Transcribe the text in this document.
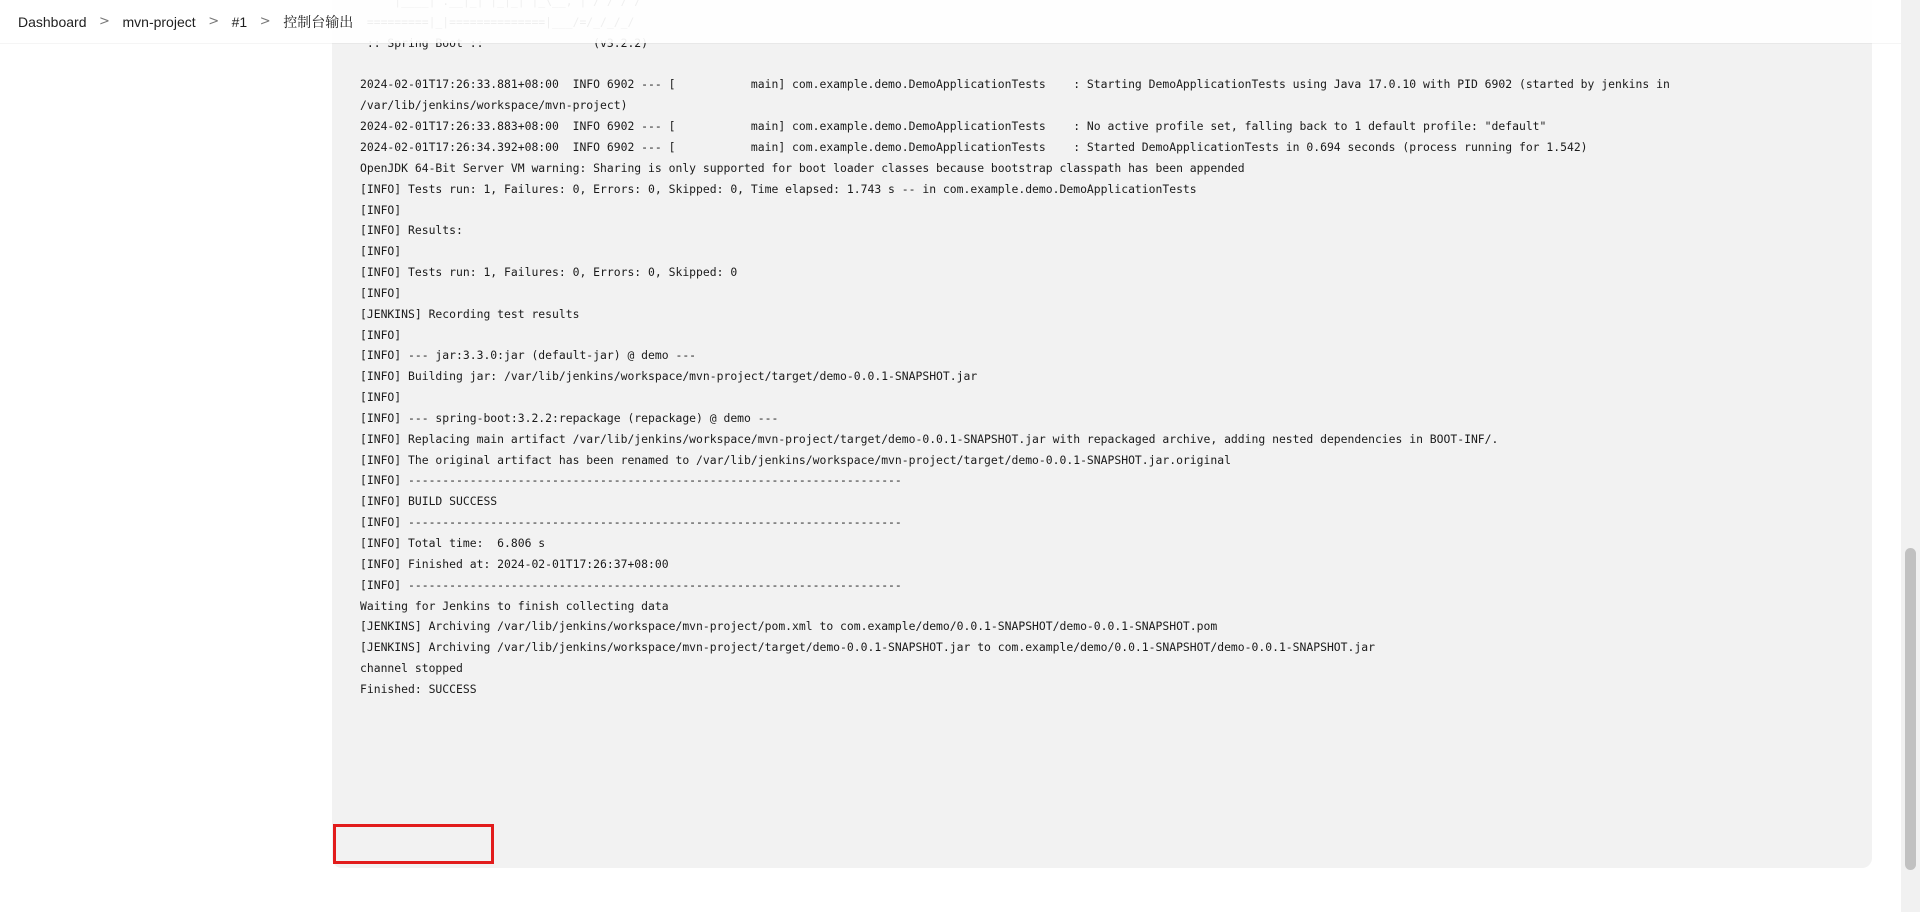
2024-02-01T17:26:33.881+08:00  INFO 6902 --- [           main] com.example.demo.DemoApplicationTests    : Starting DemoApplicationTests using Java 17.0.10 with PID 6902 (started by jenkins in
/var/lib/jenkins/workspace/mvn-project)
2024-02-01T17:26:33.883+08:00  INFO 6902 --- [           main] com.example.demo.DemoApplicationTests    : No active profile set, falling back to 1 default profile: "default"
2024-02-01T17:26:34.392+08:00  INFO 6902 --- [           main] com.example.demo.DemoApplicationTests    : Started DemoApplicationTests in 0.694 seconds (process running for 1.542)
OpenJDK 64-Bit Server VM warning: Sharing is only supported for boot loader classes because bootstrap classpath has been appended
[INFO] Tests run: 1, Failures: 0, Errors: 0, Skipped: 0, Time elapsed: 1.743 s -- in com.example.demo.DemoApplicationTests
[INFO]
[INFO] Results:
[INFO]
[INFO] Tests run: 1, Failures: 0, Errors: 0, Skipped: 0
[INFO]
[JENKINS] Recording test results
[INFO]
[INFO] --- jar:3.3.0:jar (default-jar) @ demo ---
[INFO] Building jar: /var/lib/jenkins/workspace/mvn-project/target/demo-0.0.1-SNAPSHOT.jar
[INFO]
[INFO] --- spring-boot:3.2.2:repackage (repackage) @ demo ---
[INFO] Replacing main artifact /var/lib/jenkins/workspace/mvn-project/target/demo-0.0.1-SNAPSHOT.jar with repackaged archive, adding nested dependencies in BOOT-INF/.
[INFO] The original artifact has been renamed to /var/lib/jenkins/workspace/mvn-project/target/demo-0.0.1-SNAPSHOT.jar.original
[INFO] ------------------------------------------------------------------------
[INFO] BUILD SUCCESS
[INFO] ------------------------------------------------------------------------
[INFO] Total time:  6.806 s
[INFO] Finished at: 2024-02-01T17:26:37+08:00
[INFO] ------------------------------------------------------------------------
Waiting for Jenkins to finish collecting data
[JENKINS] Archiving /var/lib/jenkins/workspace/mvn-project/pom.xml to com.example/demo/0.0.1-SNAPSHOT/demo-0.0.1-SNAPSHOT.pom
[JENKINS] Archiving /var/lib/jenkins/workspace/mvn-project/target/demo-0.0.1-SNAPSHOT.jar to com.example/demo/0.0.1-SNAPSHOT/demo-0.0.1-SNAPSHOT.jar
channel stopped
Finished: SUCCESS
Dashboard > mvn-project > #1 > 控制台输出
